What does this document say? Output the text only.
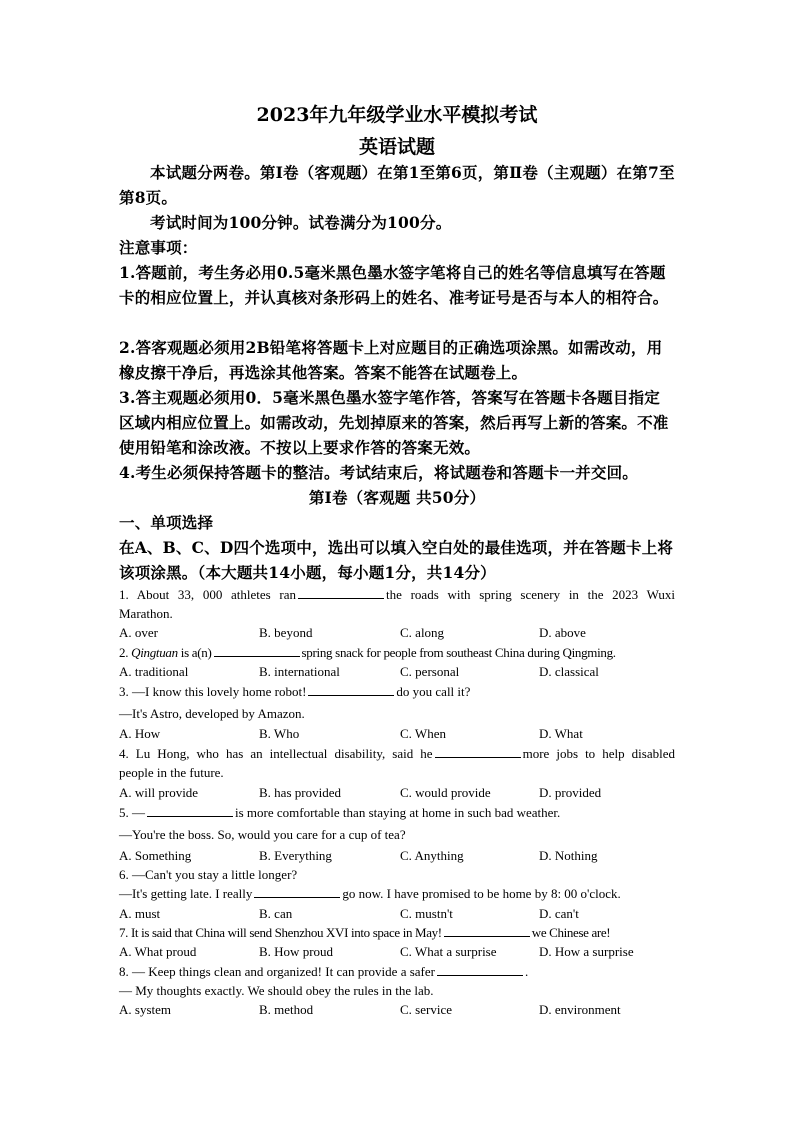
2023年九年级学业水平模拟考试
英语试题
本试题分两卷。第Ⅰ卷（客观题）在第1至第6页，第Ⅱ卷（主观题）在第7至第8页。
考试时间为100分钟。试卷满分为100分。
注意事项：
1.答题前，考生务必用0.5毫米黑色墨水签字笔将自己的姓名等信息填写在答题卡的相应位置上，并认真核对条形码上的姓名、准考证号是否与本人的相符合。
2.答客观题必须用2B铅笔将答题卡上对应题目的正确选项涂黑。如需改动，用橡皮擦干净后，再选涂其他答案。答案不能答在试题卷上。
3.答主观题必须用0．5毫米黑色墨水签字笔作答，答案写在答题卡各题目指定区域内相应位置上。如需改动，先划掉原来的答案，然后再写上新的答案。不准使用铅笔和涂改液。不按以上要求作答的答案无效。
4.考生必须保持答题卡的整洁。考试结束后，将试题卷和答题卡一并交回。
第Ⅰ卷（客观题 共50分）
一、单项选择
在A、B、C、D四个选项中，选出可以填入空白处的最佳选项，并在答题卡上将该项涂黑。（本大题共14小题，每小题1分，共14分）
1. About 33, 000 athletes ran	the roads with spring scenery in the 2023 Wuxi
Marathon.
A. over	B. beyond	C. along	D. above
2. Qingtuan is a(n)	spring snack for people from southeast China during Qingming.
A. traditional	B. international	C. personal	D. classical
3. —I know this lovely home robot!	do you call it?
—It's Astro, developed by Amazon.
A. How	B. Who	C. When	D. What
4. Lu Hong, who has an intellectual disability, said he	more jobs to help disabled
people in the future.
A. will provide	B. has provided	C. would provide	D. provided
5. —	is more comfortable than staying at home in such bad weather.
—You're the boss. So, would you care for a cup of tea?
A. Something	B. Everything	C. Anything	D. Nothing
6. —Can't you stay a little longer?
—It's getting late. I really	go now. I have promised to be home by 8: 00 o'clock.
A. must	B. can	C. mustn't	D. can't
7. It is said that China will send Shenzhou XVI into space in May!	we Chinese are!
A. What proud	B. How proud	C. What a surprise	D. How a surprise
8. — Keep things clean and organized! It can provide a safer	.
— My thoughts exactly. We should obey the rules in the lab.
A. system	B. method	C. service	D. environment
